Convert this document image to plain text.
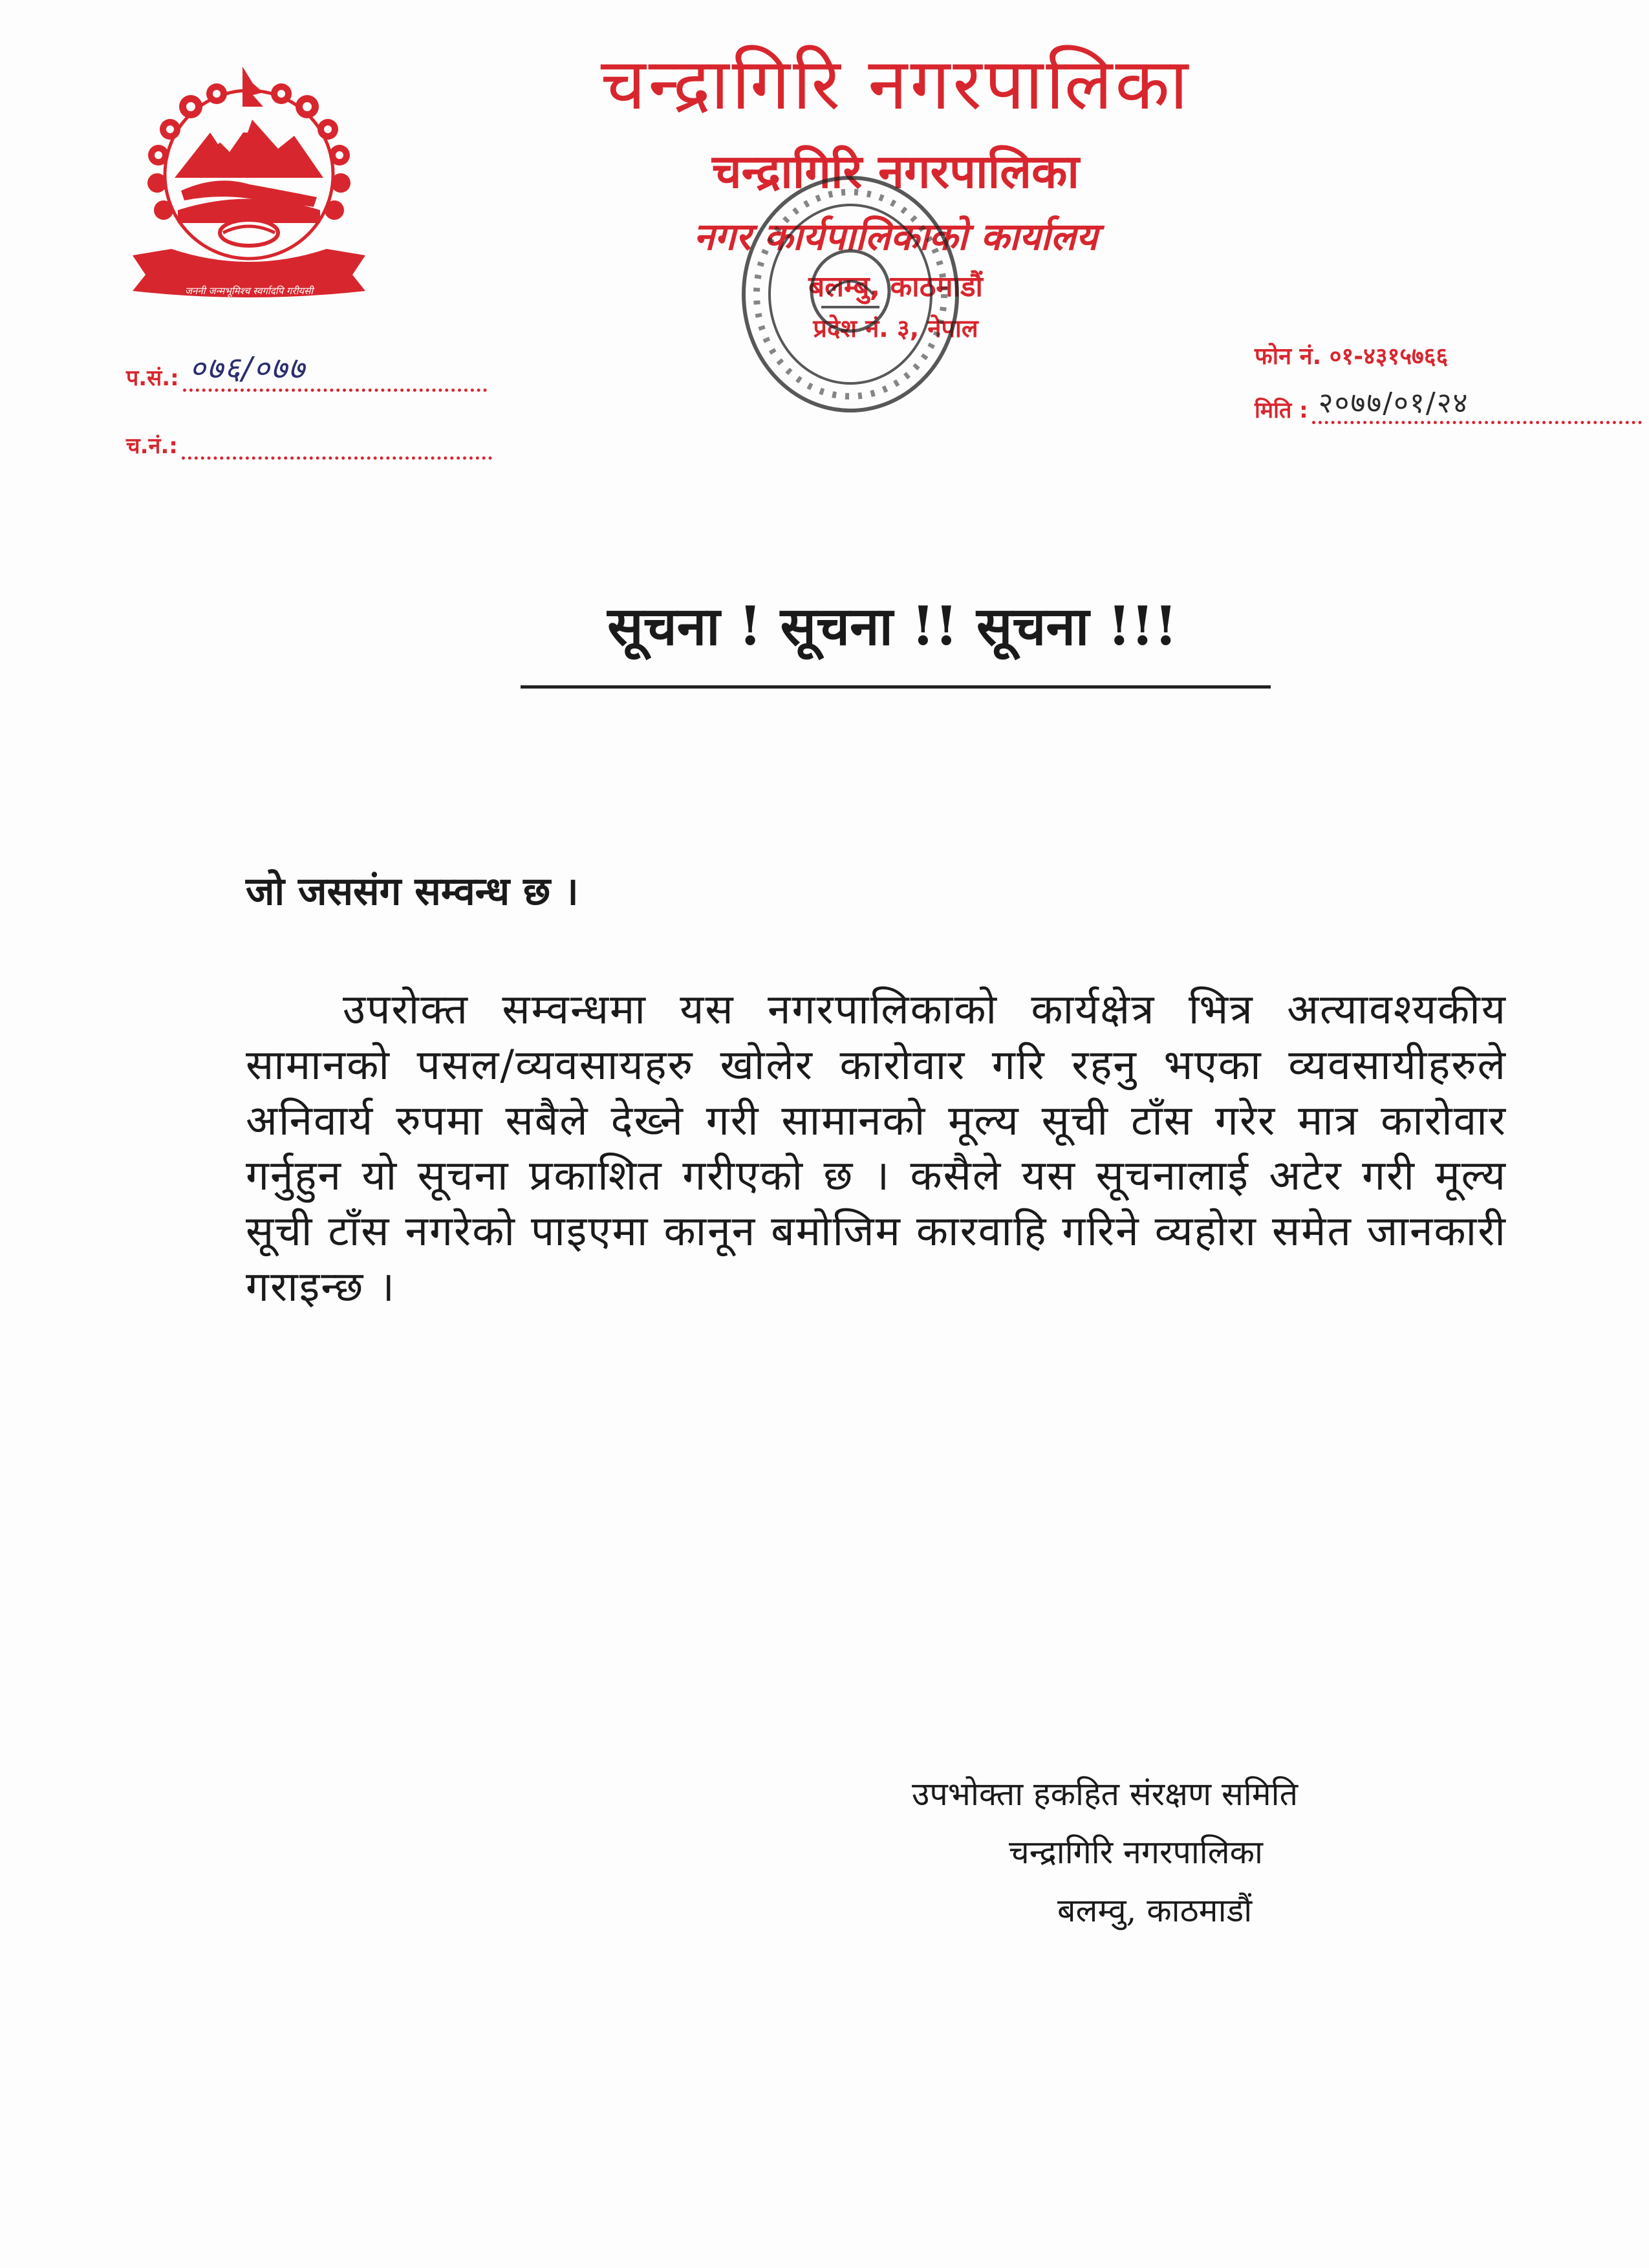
जननी जन्मभूमिश्च स्वर्गादपि गरीयसी
चन्द्रागिरि नगरपालिका
चन्द्रागिरि नगरपालिका
नगर कार्यपालिकाको कार्यालय
बलम्बु, काठमाडौं
प्रदेश नं. ३, नेपाल
प.सं.: ०७६/०७७
च.नं.:
फोन नं. ०१-४३१५७६६
मिति : २०७७/०१/२४
सूचना ! सूचना !! सूचना !!!
जो जससंग सम्वन्ध छ ।
उपरोक्त सम्वन्धमा यस नगरपालिकाको कार्यक्षेत्र भित्र अत्यावश्यकीय सामानको पसल/व्यवसायहरु खोलेर कारोवार गरि रहनु भएका व्यवसायीहरुले अनिवार्य रुपमा सबैले देख्ने गरी सामानको मूल्य सूची टाँस गरेर मात्र कारोवार गर्नुहुन यो सूचना प्रकाशित गरीएको छ । कसैले यस सूचनालाई अटेर गरी मूल्य सूची टाँस नगरेको पाइएमा कानून बमोजिम कारवाहि गरिने व्यहोरा समेत जानकारी गराइन्छ ।
उपभोक्ता हकहित संरक्षण समिति
चन्द्रागिरि नगरपालिका
बलम्वु, काठमाडौं
